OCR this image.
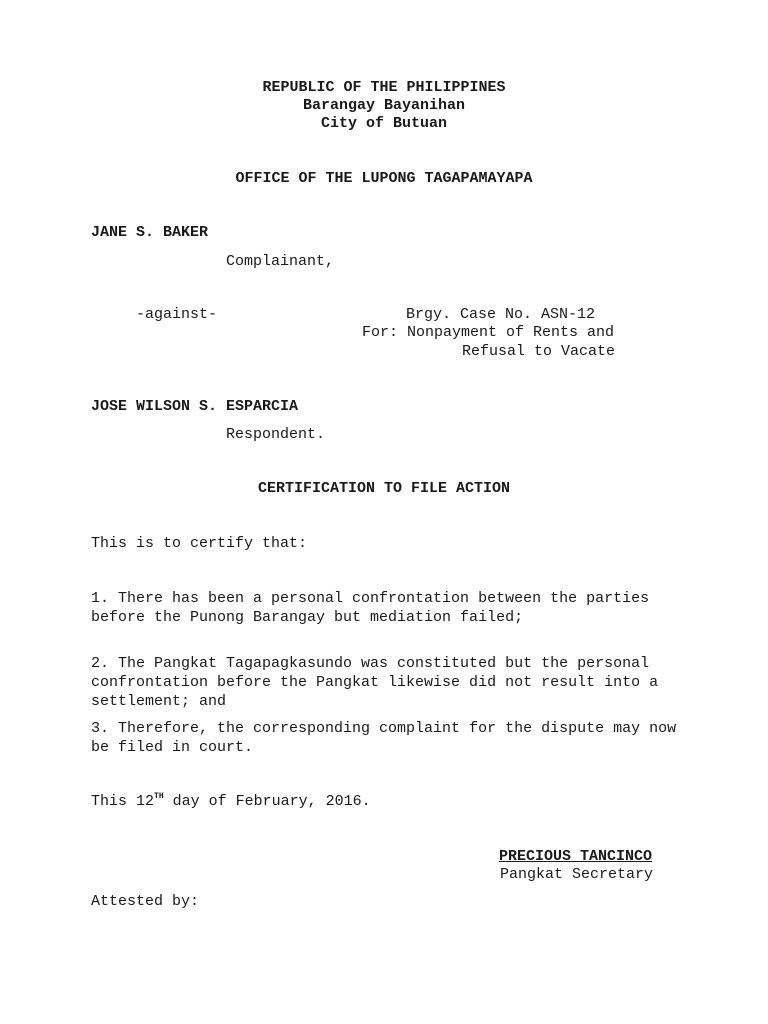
REPUBLIC OF THE PHILIPPINES
Barangay Bayanihan
City of Butuan
OFFICE OF THE LUPONG TAGAPAMAYAPA
JANE S. BAKER
Complainant,
-against-	Brgy. Case No. ASN-12
For: Nonpayment of Rents and
Refusal to Vacate
JOSE WILSON S. ESPARCIA
Respondent.
CERTIFICATION TO FILE ACTION
This is to certify that:
1. There has been a personal confrontation between the parties before the Punong Barangay but mediation failed;
2. The Pangkat Tagapagkasundo was constituted but the personal confrontation before the Pangkat likewise did not result into a settlement; and
3. Therefore, the corresponding complaint for the dispute may now be filed in court.
This 12TH day of February, 2016.
PRECIOUS TANCINCO
Pangkat Secretary
Attested by:
